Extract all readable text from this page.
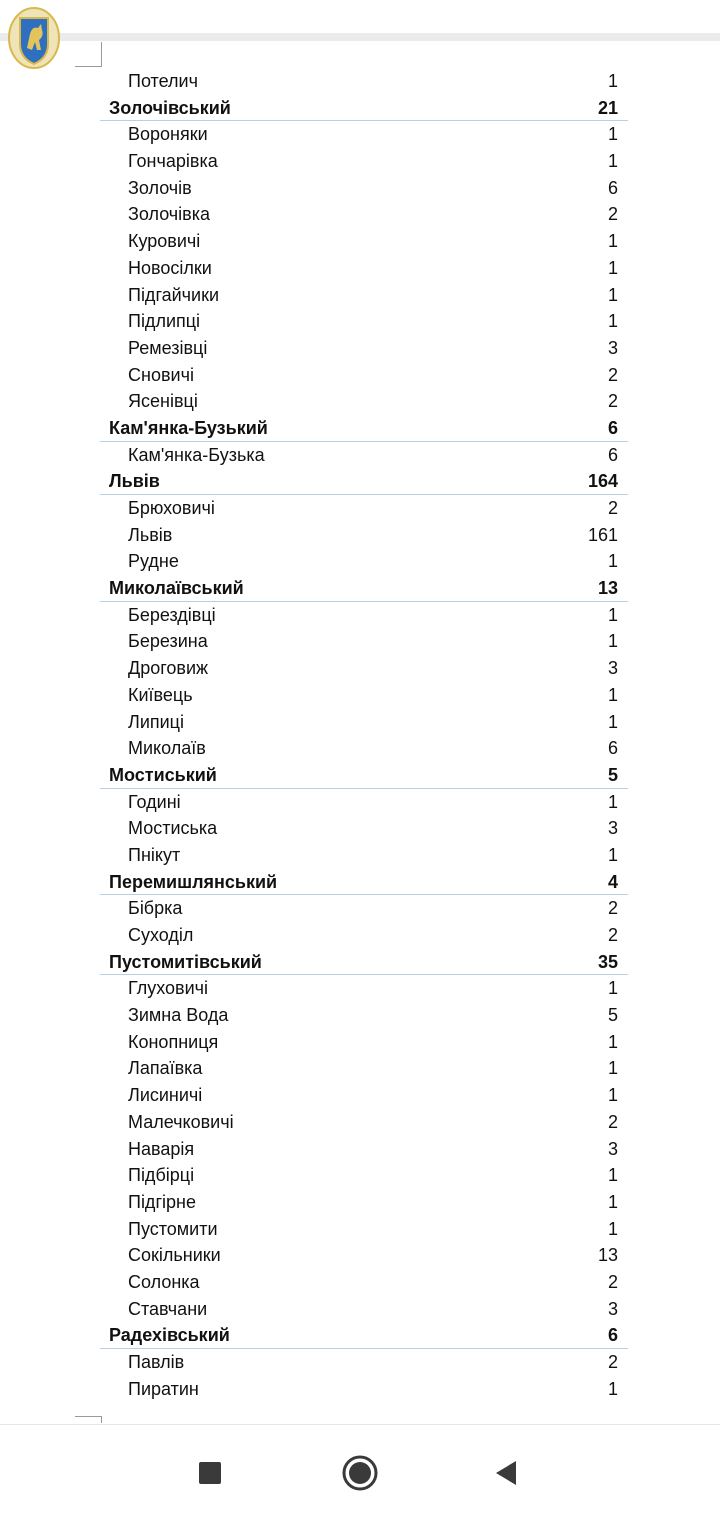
Потелич	1
Золочівський	21
Вороняки	1
Гончарівка	1
Золочів	6
Золочівка	2
Куровичі	1
Новосілки	1
Підгайчики	1
Підлипці	1
Ремезівці	3
Сновичі	2
Ясенівці	2
Кам'янка-Бузький	6
Кам'янка-Бузька	6
Львів	164
Брюховичі	2
Львів	161
Рудне	1
Миколаївський	13
Берездівці	1
Березина	1
Дроговиж	3
Київець	1
Липиці	1
Миколаїв	6
Мостиський	5
Годині	1
Мостиська	3
Пнікут	1
Перемишлянський	4
Бібрка	2
Суходіл	2
Пустомитівський	35
Глуховичі	1
Зимна Вода	5
Конопниця	1
Лапаївка	1
Лисиничі	1
Малечковичі	2
Наварія	3
Підбірці	1
Підгірне	1
Пустомити	1
Сокільники	13
Солонка	2
Ставчани	3
Радехівський	6
Павлів	2
Пиратин	1
